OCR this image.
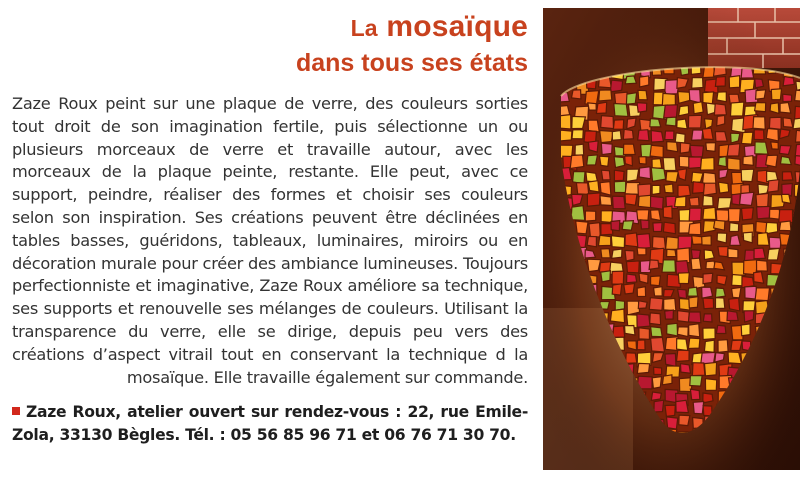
La mosaïque
dans tous ses états

Zaze Roux peint sur une plaque de verre, des couleurs sorties tout droit de son imagination fertile, puis sélectionne un ou plusieurs morceaux de verre et travaille autour, avec les morceaux de la plaque peinte, restante. Elle peut, avec ce support, peindre, réaliser des formes et choisir ses couleurs selon son inspiration. Ses créations peuvent être déclinées en tables basses, guéridons, tableaux, luminaires, miroirs ou en décoration murale pour créer des ambiance lumineuses. Toujours perfectionniste et imaginative, Zaze Roux améliore sa technique, ses supports et renouvelle ses mélanges de couleurs. Utilisant la transparence du verre, elle se dirige, depuis peu vers des créations d’aspect vitrail tout en conservant la technique d la mosaïque. Elle travaille également sur commande.

Zaze Roux, atelier ouvert sur rendez-vous : 22, rue Emile-Zola, 33130 Bègles. Tél. : 05 56 85 96 71 et 06 76 71 30 70.
